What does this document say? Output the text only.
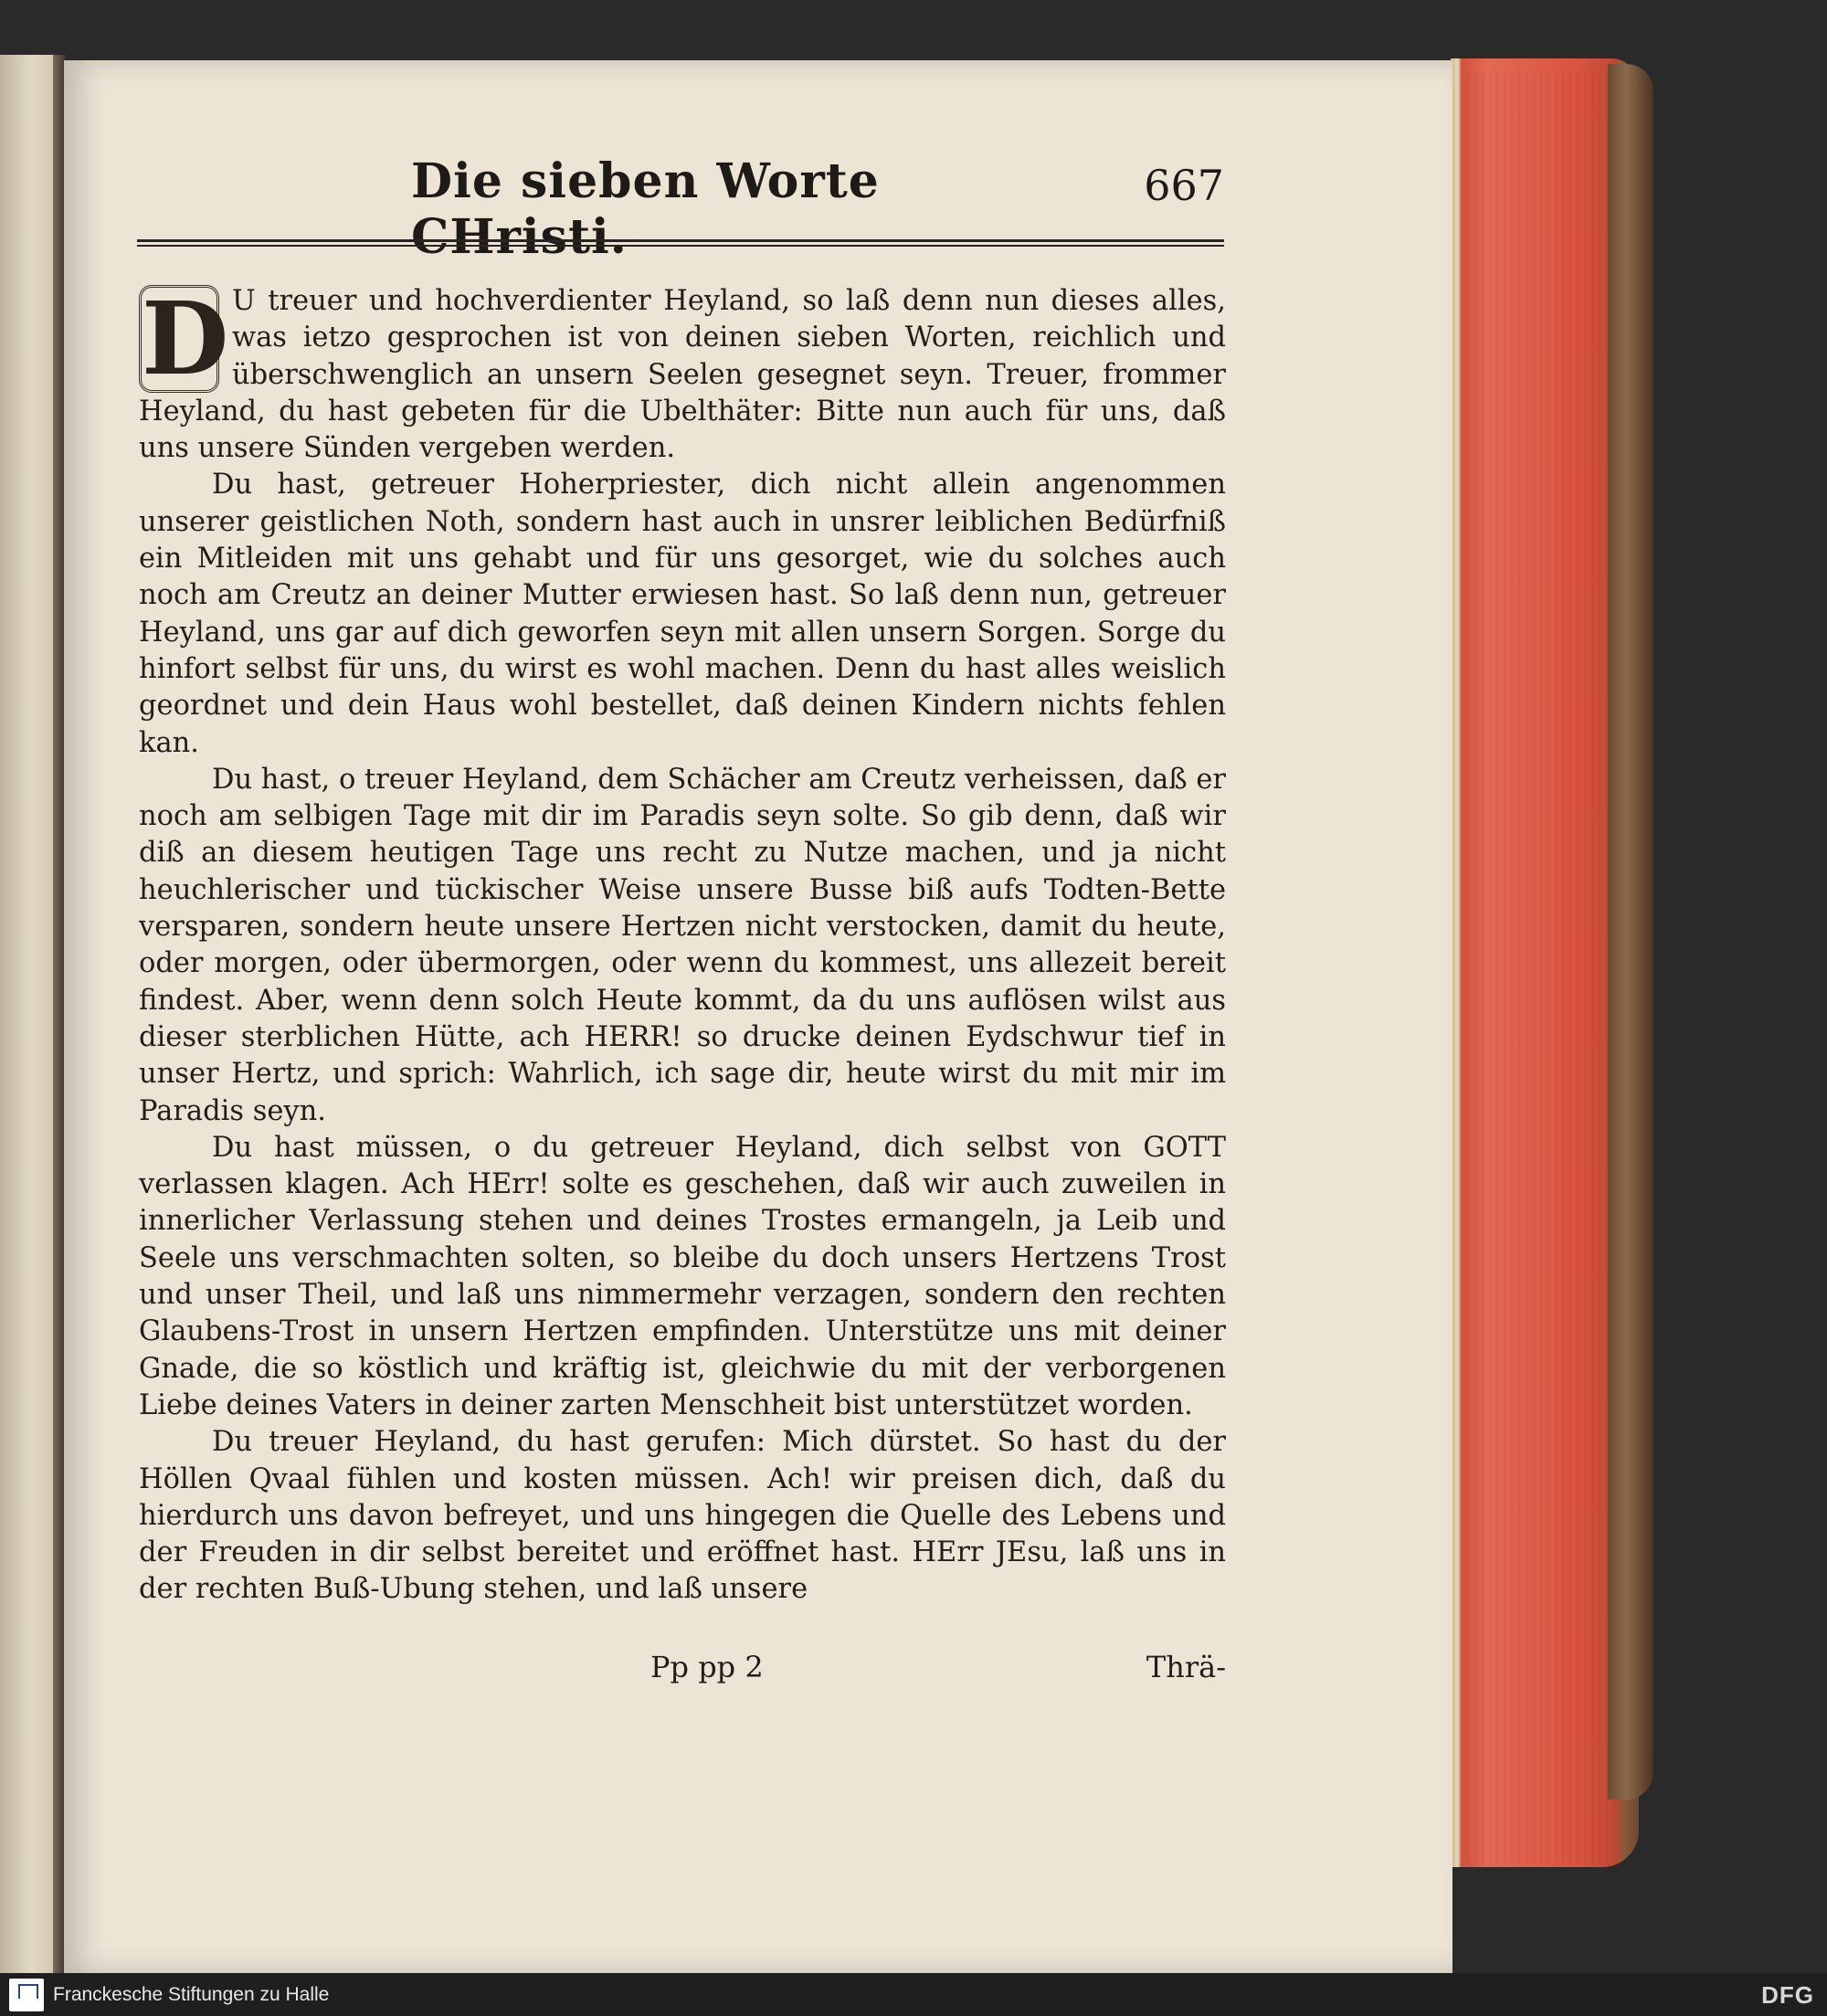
Die sieben Worte CHristi.
667

D U treuer und hochverdienter Heyland, so laß denn nun dieses alles, was ietzo gesprochen ist von deinen sieben Worten, reichlich und überschwenglich an unsern Seelen gesegnet seyn. Treuer, frommer Heyland, du hast gebeten für die Ubelthäter: Bitte nun auch für uns, daß uns unsere Sünden vergeben werden.

Du hast, getreuer Hoherpriester, dich nicht allein angenommen unserer geistlichen Noth, sondern hast auch in unsrer leiblichen Bedürfniß ein Mitleiden mit uns gehabt und für uns gesorget, wie du solches auch noch am Creutz an deiner Mutter erwiesen hast. So laß denn nun, getreuer Heyland, uns gar auf dich geworfen seyn mit allen unsern Sorgen. Sorge du hinfort selbst für uns, du wirst es wohl machen. Denn du hast alles weislich geordnet und dein Haus wohl bestellet, daß deinen Kindern nichts fehlen kan.

Du hast, o treuer Heyland, dem Schächer am Creutz verheissen, daß er noch am selbigen Tage mit dir im Paradis seyn solte. So gib denn, daß wir diß an diesem heutigen Tage uns recht zu Nutze machen, und ja nicht heuchlerischer und tückischer Weise unsere Busse biß aufs Todten-Bette versparen, sondern heute unsere Hertzen nicht verstocken, damit du heute, oder morgen, oder übermorgen, oder wenn du kommest, uns allezeit bereit findest. Aber, wenn denn solch Heute kommt, da du uns auflösen wilst aus dieser sterblichen Hütte, ach HERR! so drucke deinen Eydschwur tief in unser Hertz, und sprich: Wahrlich, ich sage dir, heute wirst du mit mir im Paradis seyn.

Du hast müssen, o du getreuer Heyland, dich selbst von GOTT verlassen klagen. Ach HErr! solte es geschehen, daß wir auch zuweilen in innerlicher Verlassung stehen und deines Trostes ermangeln, ja Leib und Seele uns verschmachten solten, so bleibe du doch unsers Hertzens Trost und unser Theil, und laß uns nimmermehr verzagen, sondern den rechten Glaubens-Trost in unsern Hertzen empfinden. Unterstütze uns mit deiner Gnade, die so köstlich und kräftig ist, gleichwie du mit der verborgenen Liebe deines Vaters in deiner zarten Menschheit bist unterstützet worden.

Du treuer Heyland, du hast gerufen: Mich dürstet. So hast du der Höllen Qvaal fühlen und kosten müssen. Ach! wir preisen dich, daß du hierdurch uns davon befreyet, und uns hingegen die Quelle des Lebens und der Freuden in dir selbst bereitet und eröffnet hast. HErr JEsu, laß uns in der rechten Buß-Ubung stehen, und laß unsere

Pp pp 2	Thrä-
Franckesche Stiftungen zu Halle	DFG
